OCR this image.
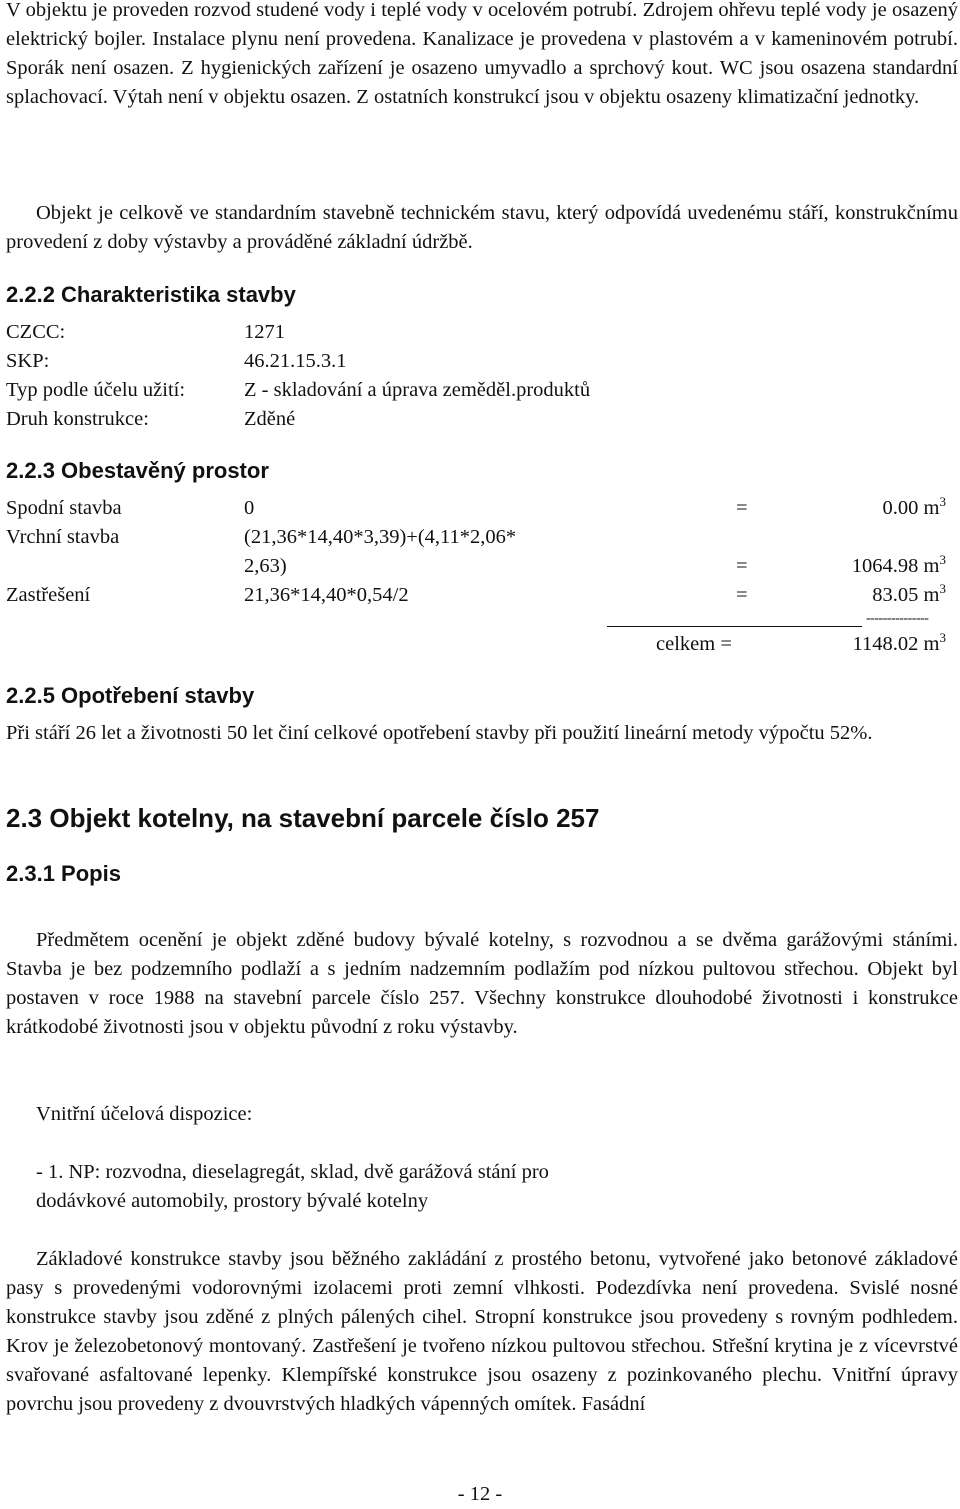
V objektu je proveden rozvod studené vody i teplé vody v ocelovém potrubí. Zdrojem ohřevu teplé vody je osazený elektrický bojler. Instalace plynu není provedena. Kanalizace je provedena v plastovém a v kameninovém potrubí. Sporák není osazen. Z hygienických zařízení je osazeno umyvadlo a sprchový kout. WC jsou osazena standardní splachovací. Výtah není v objektu osazen. Z ostatních konstrukcí jsou v objektu osazeny klimatizační jednotky.
Objekt je celkově ve standardním stavebně technickém stavu, který odpovídá uvedenému stáří, konstrukčnímu provedení z doby výstavby a prováděné základní údržbě.
2.2.2 Charakteristika stavby
CZCC:	1271
SKP:	46.21.15.3.1
Typ podle účelu užití:	Z - skladování a úprava zeměděl.produktů
Druh konstrukce:	Zděné
2.2.3 Obestavěný prostor
Spodní stavba	0	=	0.00 $m^3$
Vrchní stavba	(21,36*14,40*3,39)+(4,11*2,06*
2,63)	=	1064.98 $m^3$
Zastřešení	21,36*14,40*0,54/2	=	83.05 $m^3$
---------------
celkem =	1148.02 $m^3$
2.2.5 Opotřebení stavby
Při stáří 26 let a životnosti 50 let činí celkové opotřebení stavby při použití lineární metody výpočtu 52%.
2.3 Objekt kotelny, na stavební parcele číslo 257
2.3.1 Popis
Předmětem ocenění je objekt zděné budovy bývalé kotelny, s rozvodnou a se dvěma garážovými stáními. Stavba je bez podzemního podlaží a s jedním nadzemním podlažím pod nízkou pultovou střechou. Objekt byl postaven v roce 1988 na stavební parcele číslo 257. Všechny konstrukce dlouhodobé životnosti i konstrukce krátkodobé životnosti jsou v objektu původní z roku výstavby.
Vnitřní účelová dispozice:
- 1. NP: rozvodna, dieselagregát, sklad, dvě garážová stání pro
dodávkové automobily, prostory bývalé kotelny
Základové konstrukce stavby jsou běžného zakládání z prostého betonu, vytvořené jako betonové základové pasy s provedenými vodorovnými izolacemi proti zemní vlhkosti. Podezdívka není provedena. Svislé nosné konstrukce stavby jsou zděné z plných pálených cihel. Stropní konstrukce jsou provedeny s rovným podhledem. Krov je železobetonový montovaný. Zastřešení je tvořeno nízkou pultovou střechou. Střešní krytina je z vícevrstvé svařované asfaltované lepenky. Klempířské konstrukce jsou osazeny z pozinkovaného plechu. Vnitřní úpravy povrchu jsou provedeny z dvouvrstvých hladkých vápenných omítek. Fasádní
- 12 -
